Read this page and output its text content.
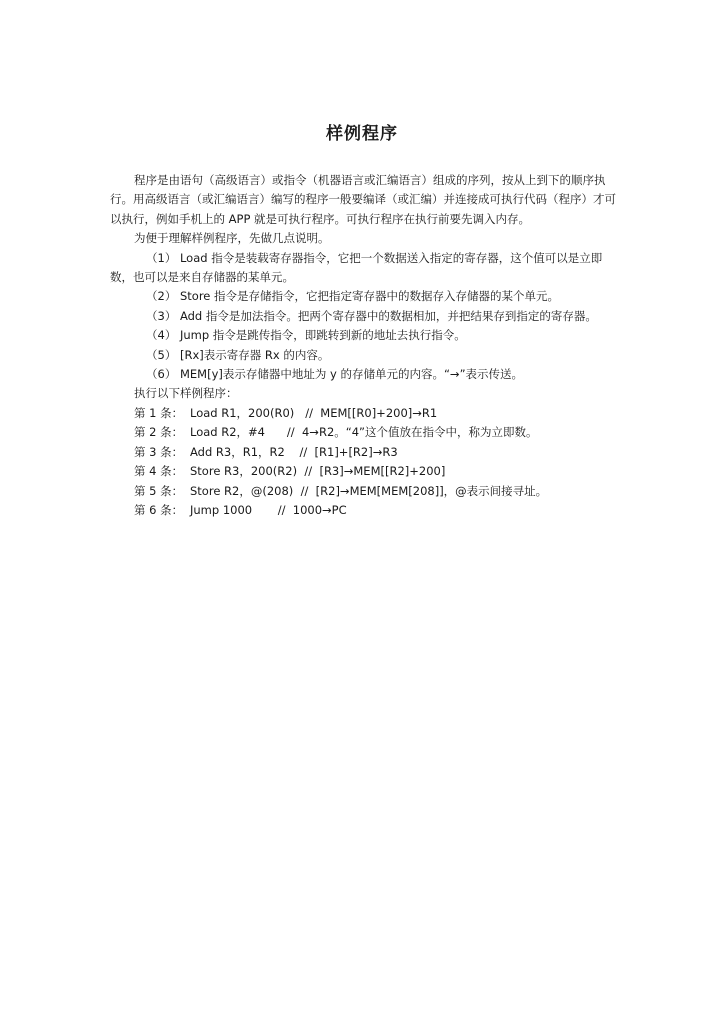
样例程序

程序是由语句（高级语言）或指令（机器语言或汇编语言）组成的序列，按从上到下的顺序执行。用高级语言（或汇编语言）编写的程序一般要编译（或汇编）并连接成可执行代码（程序）才可以执行，例如手机上的 APP 就是可执行程序。可执行程序在执行前要先调入内存。

为便于理解样例程序，先做几点说明。

（1） Load 指令是装载寄存器指令，它把一个数据送入指定的寄存器，这个值可以是立即数，也可以是来自存储器的某单元。

（2） Store 指令是存储指令，它把指定寄存器中的数据存入存储器的某个单元。

（3） Add 指令是加法指令。把两个寄存器中的数据相加，并把结果存到指定的寄存器。

（4） Jump 指令是跳传指令，即跳转到新的地址去执行指令。

（5） [Rx]表示寄存器 Rx 的内容。

（6） MEM[y]表示存储器中地址为 y 的存储单元的内容。“→”表示传送。

执行以下样例程序：

第 1 条： Load R1，200(R0)   //  MEM[[R0]+200]→R1
第 2 条： Load R2，#4      //  4→R2。“4”这个值放在指令中，称为立即数。
第 3 条： Add R3，R1，R2    //  [R1]+[R2]→R3
第 4 条： Store R3，200(R2)  //  [R3]→MEM[[R2]+200]
第 5 条： Store R2，@(208)  //  [R2]→MEM[MEM[208]]，@表示间接寻址。
第 6 条： Jump 1000       //  1000→PC
